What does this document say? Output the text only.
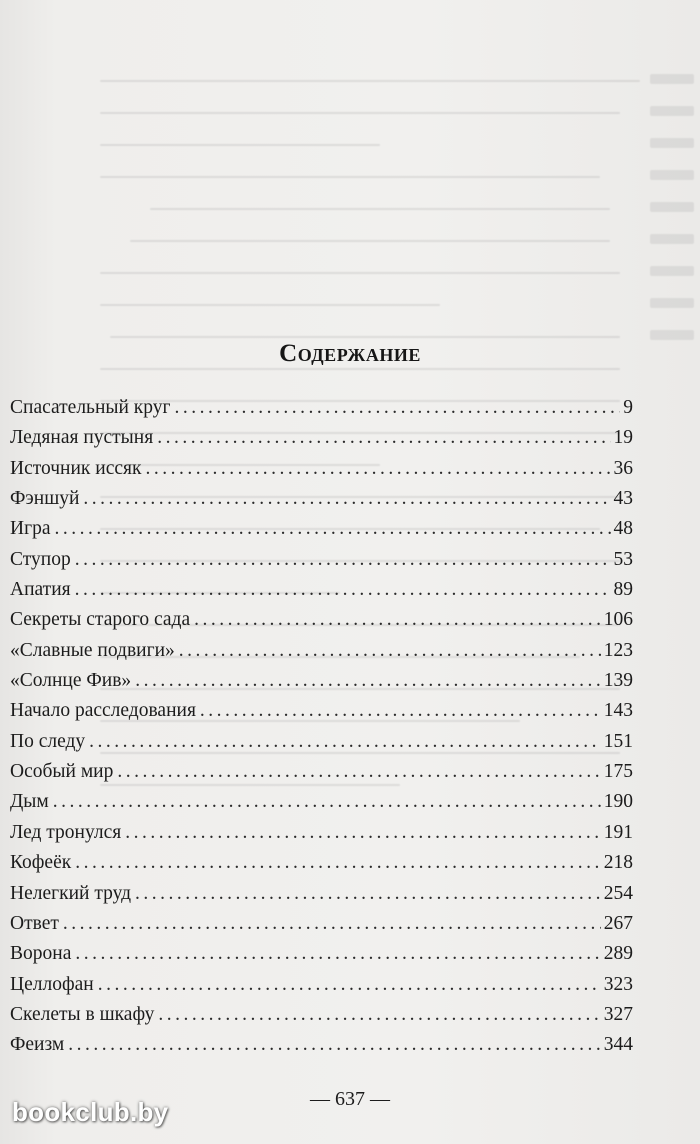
Содержание
Спасательный круг .....	9
Ледяная пустыня .....	19
Источник иссяк .....	36
Фэншуй .....	43
Игра .....	48
Ступор .....	53
Апатия .....	89
Секреты старого сада .....	106
«Славные подвиги» .....	123
«Солнце Фив» .....	139
Начало расследования .....	143
По следу .....	151
Особый мир .....	175
Дым .....	190
Лед тронулся .....	191
Кофеёк .....	218
Нелегкий труд .....	254
Ответ .....	267
Ворона .....	289
Целлофан .....	323
Скелеты в шкафу .....	327
Феизм .....	344
— 637 —
bookclub.by
